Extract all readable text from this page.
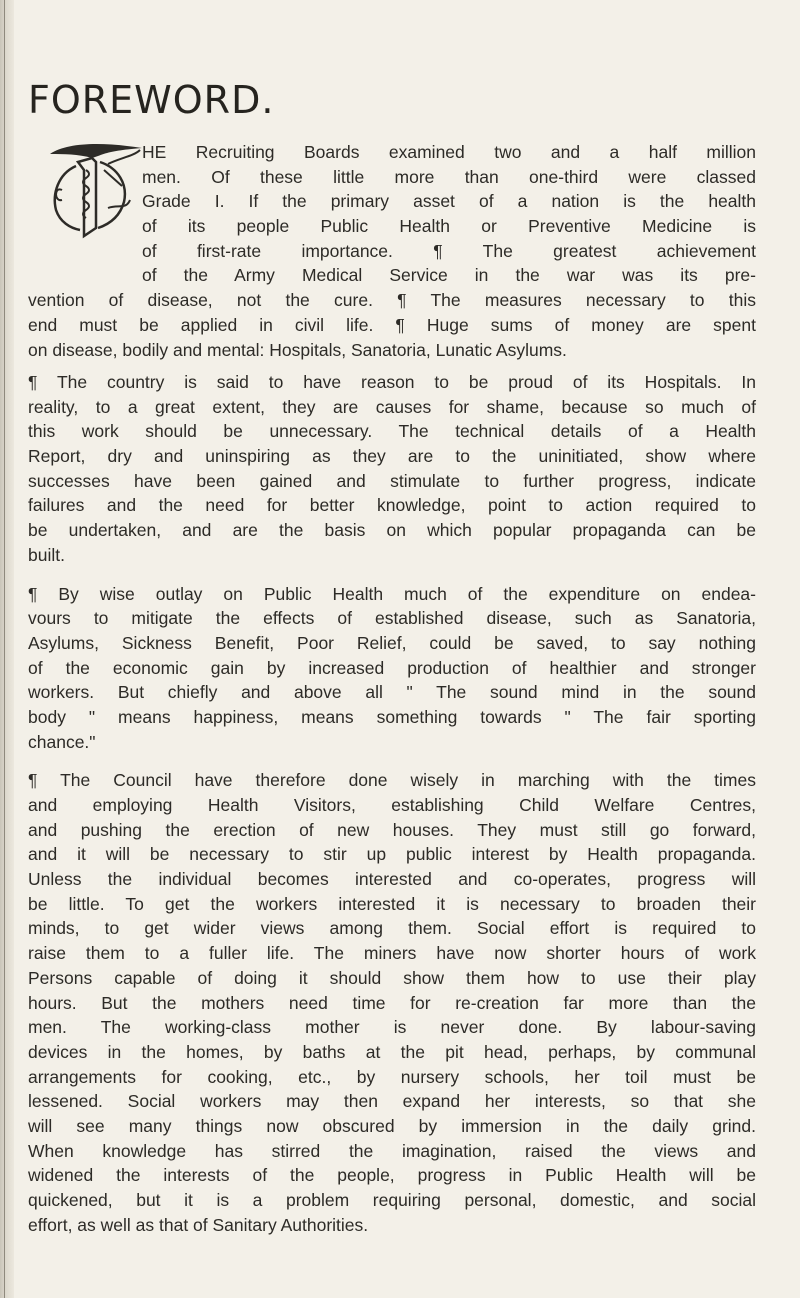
FOREWORD.
HE Recruiting Boards examined two and a half million
men. Of these little more than one-third were classed
Grade I. If the primary asset of a nation is the health
of its people Public Health or Preventive Medicine is
of first-rate importance. ¶ The greatest achievement
of the Army Medical Service in the war was its pre-
vention of disease, not the cure. ¶ The measures necessary to this
end must be applied in civil life. ¶ Huge sums of money are spent
on disease, bodily and mental: Hospitals, Sanatoria, Lunatic Asylums.
¶ The country is said to have reason to be proud of its Hospitals. In
reality, to a great extent, they are causes for shame, because so much of
this work should be unnecessary. The technical details of a Health
Report, dry and uninspiring as they are to the uninitiated, show where
successes have been gained and stimulate to further progress, indicate
failures and the need for better knowledge, point to action required to
be undertaken, and are the basis on which popular propaganda can be
built.
¶ By wise outlay on Public Health much of the expenditure on endea-
vours to mitigate the effects of established disease, such as Sanatoria,
Asylums, Sickness Benefit, Poor Relief, could be saved, to say nothing
of the economic gain by increased production of healthier and stronger
workers. But chiefly and above all " The sound mind in the sound
body " means happiness, means something towards " The fair sporting
chance."
¶ The Council have therefore done wisely in marching with the times
and employing Health Visitors, establishing Child Welfare Centres,
and pushing the erection of new houses. They must still go forward,
and it will be necessary to stir up public interest by Health propaganda.
Unless the individual becomes interested and co-operates, progress will
be little. To get the workers interested it is necessary to broaden their
minds, to get wider views among them. Social effort is required to
raise them to a fuller life. The miners have now shorter hours of work
Persons capable of doing it should show them how to use their play
hours. But the mothers need time for re-creation far more than the
men. The working-class mother is never done. By labour-saving
devices in the homes, by baths at the pit head, perhaps, by communal
arrangements for cooking, etc., by nursery schools, her toil must be
lessened. Social workers may then expand her interests, so that she
will see many things now obscured by immersion in the daily grind.
When knowledge has stirred the imagination, raised the views and
widened the interests of the people, progress in Public Health will be
quickened, but it is a problem requiring personal, domestic, and social
effort, as well as that of Sanitary Authorities.
